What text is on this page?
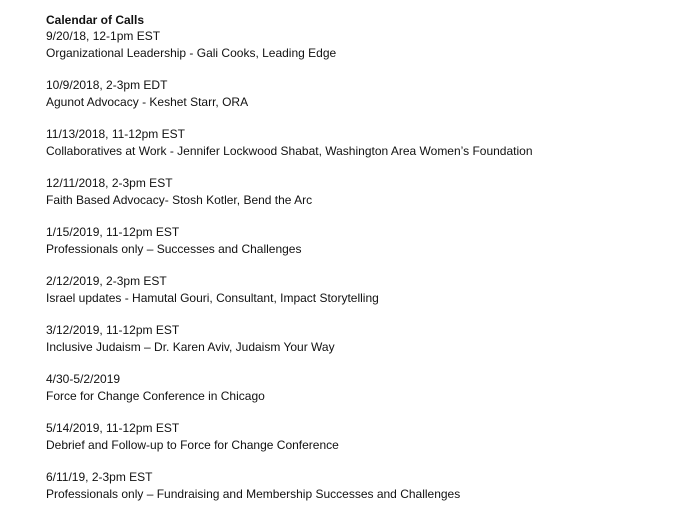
Calendar of Calls
9/20/18, 12-1pm EST
Organizational Leadership - Gali Cooks, Leading Edge
10/9/2018, 2-3pm EDT
Agunot Advocacy - Keshet Starr, ORA
11/13/2018, 11-12pm EST
Collaboratives at Work - Jennifer Lockwood Shabat, Washington Area Women’s Foundation
12/11/2018, 2-3pm EST
Faith Based Advocacy- Stosh Kotler, Bend the Arc
1/15/2019, 11-12pm EST
Professionals only – Successes and Challenges
2/12/2019, 2-3pm EST
Israel updates - Hamutal Gouri, Consultant, Impact Storytelling
3/12/2019, 11-12pm EST
Inclusive Judaism – Dr. Karen Aviv, Judaism Your Way
4/30-5/2/2019
Force for Change Conference in Chicago
5/14/2019, 11-12pm EST
Debrief and Follow-up to Force for Change Conference
6/11/19, 2-3pm EST
Professionals only – Fundraising and Membership Successes and Challenges
